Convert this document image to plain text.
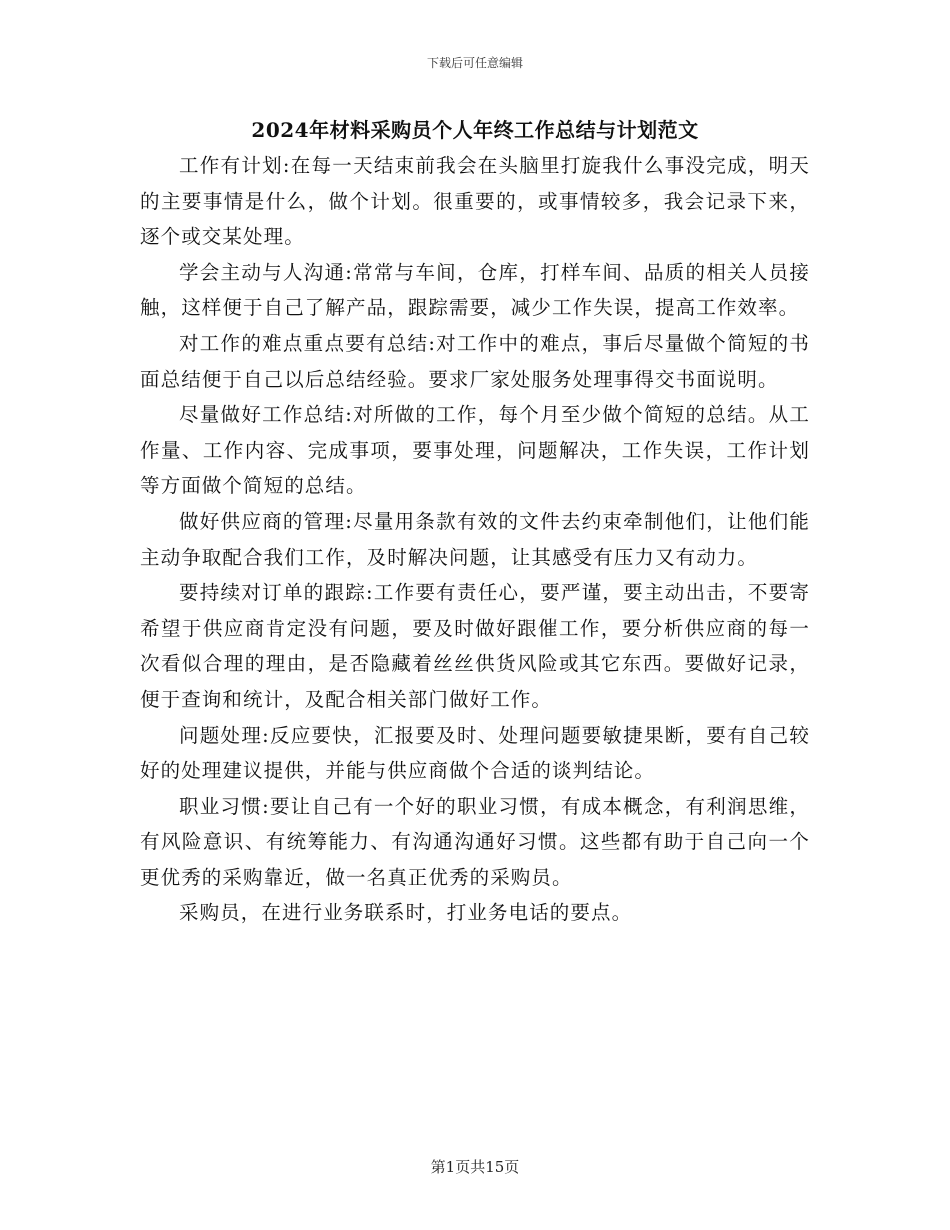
下载后可任意编辑
2024年材料采购员个人年终工作总结与计划范文

工作有计划:在每一天结束前我会在头脑里打旋我什么事没完成，明天的主要事情是什么，做个计划。很重要的，或事情较多，我会记录下来，逐个或交某处理。

学会主动与人沟通:常常与车间，仓库，打样车间、品质的相关人员接触，这样便于自己了解产品，跟踪需要，减少工作失误，提高工作效率。

对工作的难点重点要有总结:对工作中的难点，事后尽量做个简短的书面总结便于自己以后总结经验。要求厂家处服务处理事得交书面说明。

尽量做好工作总结:对所做的工作，每个月至少做个简短的总结。从工作量、工作内容、完成事项，要事处理，问题解决，工作失误，工作计划等方面做个简短的总结。

做好供应商的管理:尽量用条款有效的文件去约束牵制他们，让他们能主动争取配合我们工作，及时解决问题，让其感受有压力又有动力。

要持续对订单的跟踪:工作要有责任心，要严谨，要主动出击，不要寄希望于供应商肯定没有问题，要及时做好跟催工作，要分析供应商的每一次看似合理的理由，是否隐藏着丝丝供货风险或其它东西。要做好记录，便于查询和统计，及配合相关部门做好工作。

问题处理:反应要快，汇报要及时、处理问题要敏捷果断，要有自己较好的处理建议提供，并能与供应商做个合适的谈判结论。

职业习惯:要让自己有一个好的职业习惯，有成本概念，有利润思维，有风险意识、有统筹能力、有沟通沟通好习惯。这些都有助于自己向一个更优秀的采购靠近，做一名真正优秀的采购员。

采购员，在进行业务联系时，打业务电话的要点。

第1页共15页
